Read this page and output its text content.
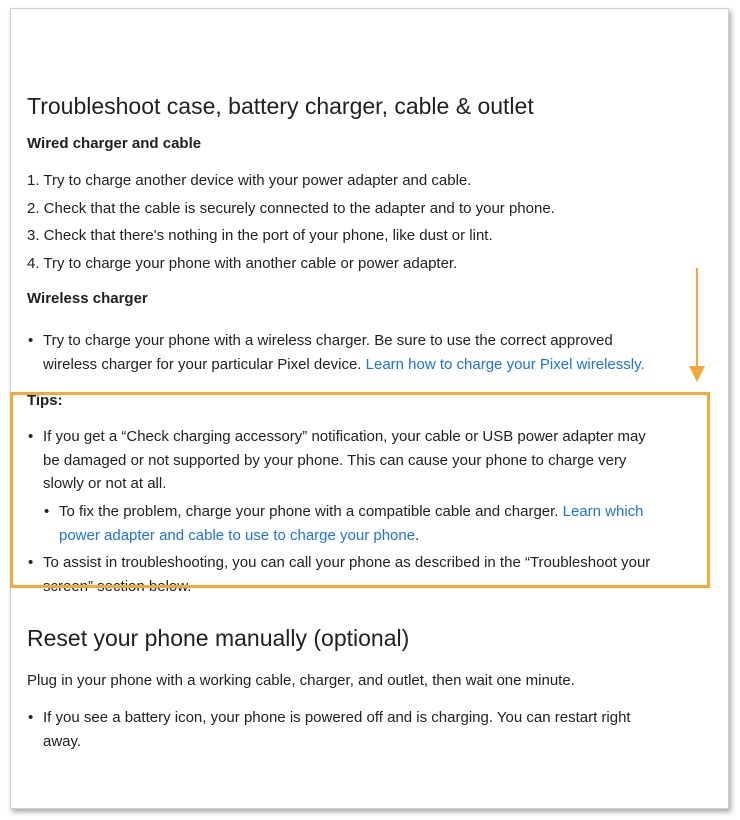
Troubleshoot case, battery charger, cable & outlet
Wired charger and cable
1. Try to charge another device with your power adapter and cable.
2. Check that the cable is securely connected to the adapter and to your phone.
3. Check that there's nothing in the port of your phone, like dust or lint.
4. Try to charge your phone with another cable or power adapter.
Wireless charger
• Try to charge your phone with a wireless charger. Be sure to use the correct approved
wireless charger for your particular Pixel device. Learn how to charge your Pixel wirelessly.
Tips:
• If you get a “Check charging accessory” notification, your cable or USB power adapter may
be damaged or not supported by your phone. This can cause your phone to charge very
slowly or not at all.
• To fix the problem, charge your phone with a compatible cable and charger. Learn which
power adapter and cable to use to charge your phone.
• To assist in troubleshooting, you can call your phone as described in the “Troubleshoot your
screen” section below.
Reset your phone manually (optional)
Plug in your phone with a working cable, charger, and outlet, then wait one minute.
• If you see a battery icon, your phone is powered off and is charging. You can restart right
away.
